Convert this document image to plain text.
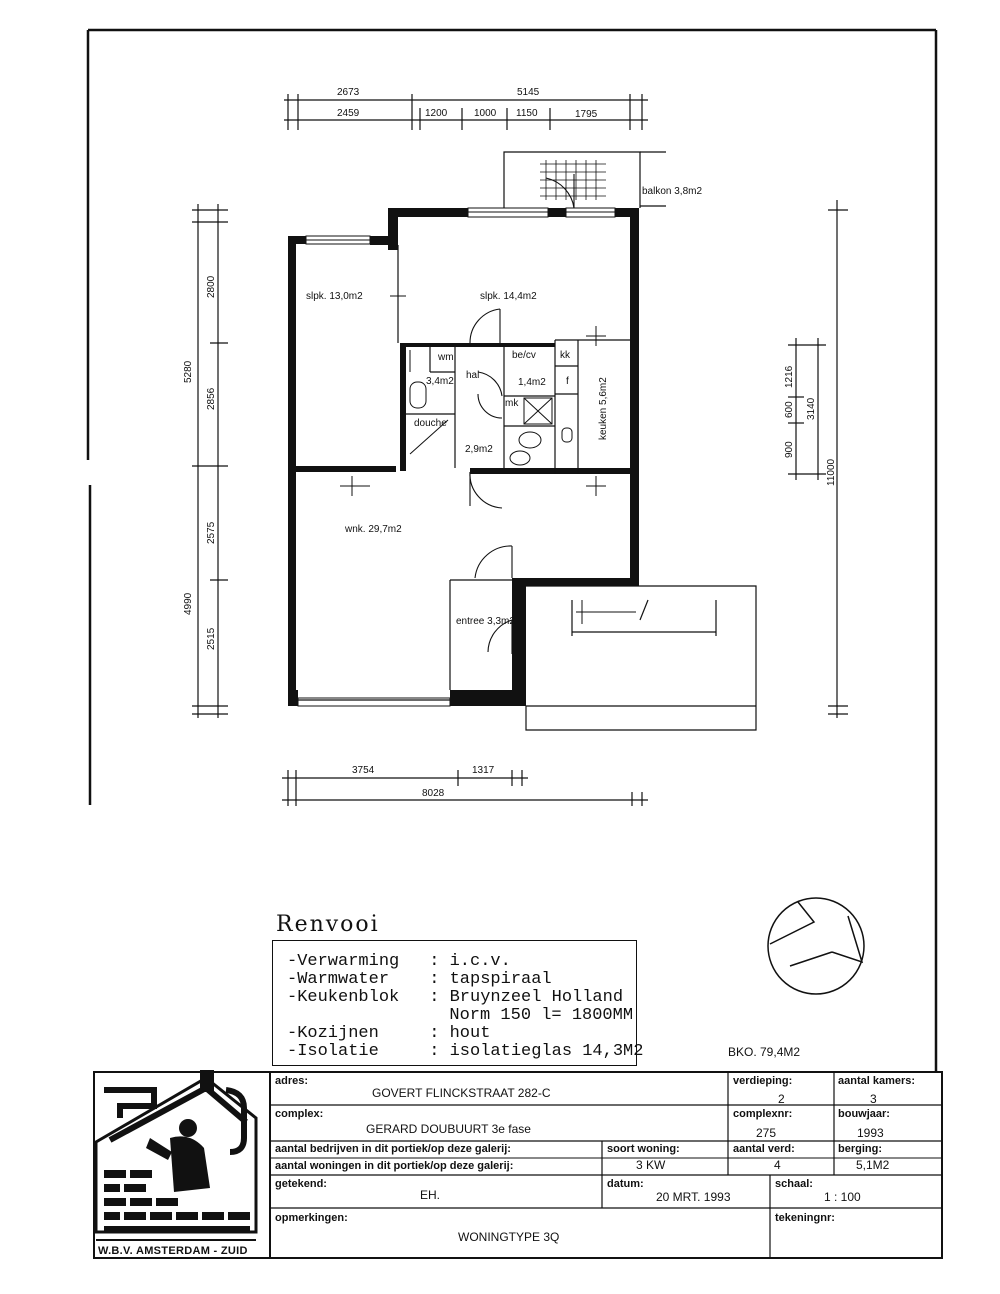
2673	5145
2459	1200	1000 1150	1795
5280
4990
2800
2856
2575
2515
11000
1216
600
900
3140
3754	1317
8028
balkon 3,8m2
slpk. 13,0m2	slpk. 14,4m2
wm
3,4m2
hal
douche
be/cv kk
f
1,4m2
mk
2,9m2
keuken 5,6m2
wnk. 29,7m2
entree 3,3m2
Renvooi
-Verwarming : i.c.v.
-Warmwater : tapspiraal
-Keukenblok : Bruynzeel Holland
Norm 150 l= 1800MM
-Kozijnen	: hout
-Isolatie	: isolatieglas 14,3M2	BKO. 79,4M2
adres:
GOVERT FLINCKSTRAAT 282-C
verdieping:
2
aantal kamers:
3
complex:
GERARD DOUBUURT 3e fase
complexnr:
275
bouwjaar:
1993
aantal bedrijven in dit portiek/op deze galerij:
aantal woningen in dit portiek/op deze galerij:
soort woning:
3 KW
aantal verd:
4
berging:
5,1M2
getekend:
EH.
datum:
20 MRT. 1993
schaal:
1 : 100
opmerkingen:
WONINGTYPE 3Q
tekeningnr:
W.B.V. AMSTERDAM - ZUID
